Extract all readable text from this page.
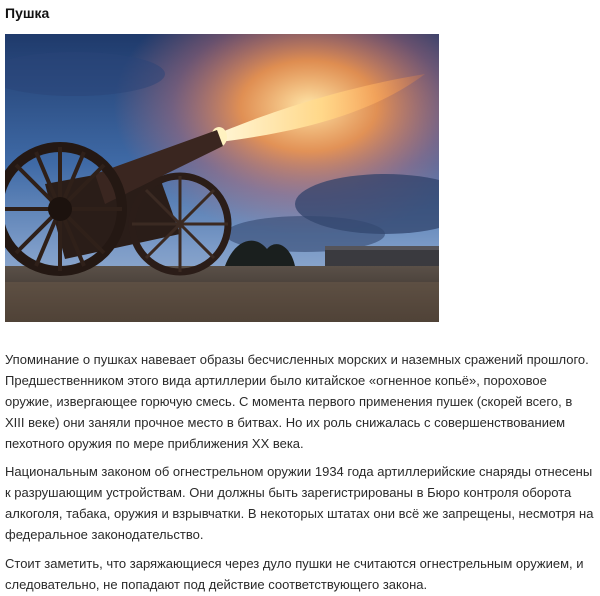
Пушка

Упоминание о пушках навевает образы бесчисленных морских и наземных сражений прошлого. Предшественником этого вида артиллерии было китайское «огненное копьё», пороховое оружие, извергающее горючую смесь. С момента первого применения пушек (скорей всего, в XIII веке) они заняли прочное место в битвах. Но их роль снижалась с совершенствованием пехотного оружия по мере приближения XX века.

Национальным законом об огнестрельном оружии 1934 года артиллерийские снаряды отнесены к разрушающим устройствам. Они должны быть зарегистрированы в Бюро контроля оборота алкоголя, табака, оружия и взрывчатки. В некоторых штатах они всё же запрещены, несмотря на федеральное законодательство.

Стоит заметить, что заряжающиеся через дуло пушки не считаются огнестрельным оружием, и следовательно, не попадают под действие соответствующего закона.
